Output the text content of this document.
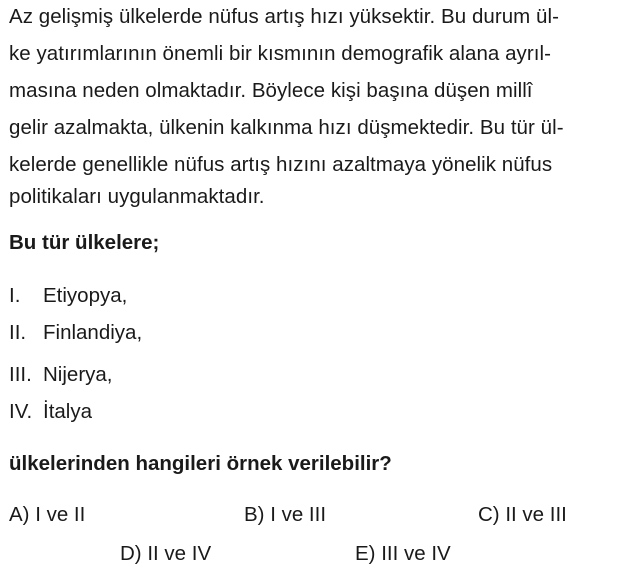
Az gelişmiş ülkelerde nüfus artış hızı yüksektir. Bu durum ül-
ke yatırımlarının önemli bir kısmının demografik alana ayrıl-
masına neden olmaktadır. Böylece kişi başına düşen millî
gelir azalmakta, ülkenin kalkınma hızı düşmektedir. Bu tür ül-
kelerde genellikle nüfus artış hızını azaltmaya yönelik nüfus
politikaları uygulanmaktadır.
Bu tür ülkelere;
I. Etiyopya,
II. Finlandiya,
III. Nijerya,
IV. İtalya
ülkelerinden hangileri örnek verilebilir?
A) I ve II	B) I ve III	C) II ve III
D) II ve IV	E) III ve IV
